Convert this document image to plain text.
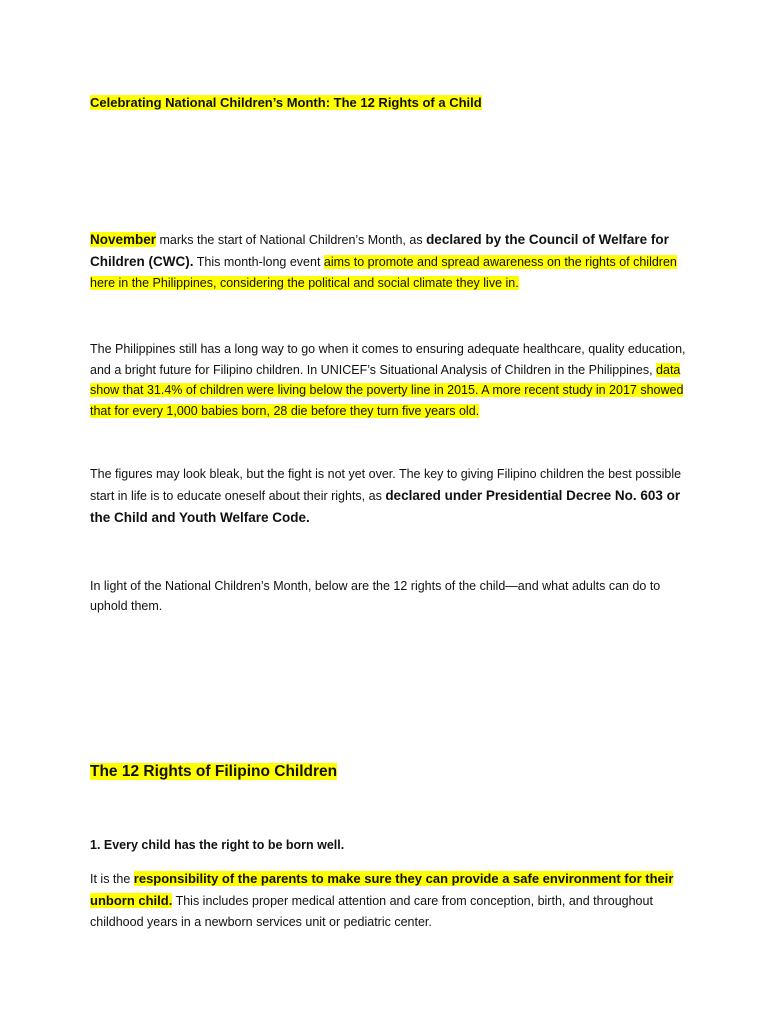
Celebrating National Children’s Month: The 12 Rights of a Child

November marks the start of National Children’s Month, as declared by the Council of Welfare for Children (CWC). This month-long event aims to promote and spread awareness on the rights of children here in the Philippines, considering the political and social climate they live in.

The Philippines still has a long way to go when it comes to ensuring adequate healthcare, quality education, and a bright future for Filipino children. In UNICEF’s Situational Analysis of Children in the Philippines, data show that 31.4% of children were living below the poverty line in 2015. A more recent study in 2017 showed that for every 1,000 babies born, 28 die before they turn five years old.

The figures may look bleak, but the fight is not yet over. The key to giving Filipino children the best possible start in life is to educate oneself about their rights, as declared under Presidential Decree No. 603 or the Child and Youth Welfare Code.

In light of the National Children’s Month, below are the 12 rights of the child—and what adults can do to uphold them.

The 12 Rights of Filipino Children

1. Every child has the right to be born well.

It is the responsibility of the parents to make sure they can provide a safe environment for their unborn child. This includes proper medical attention and care from conception, birth, and throughout childhood years in a newborn services unit or pediatric center.
